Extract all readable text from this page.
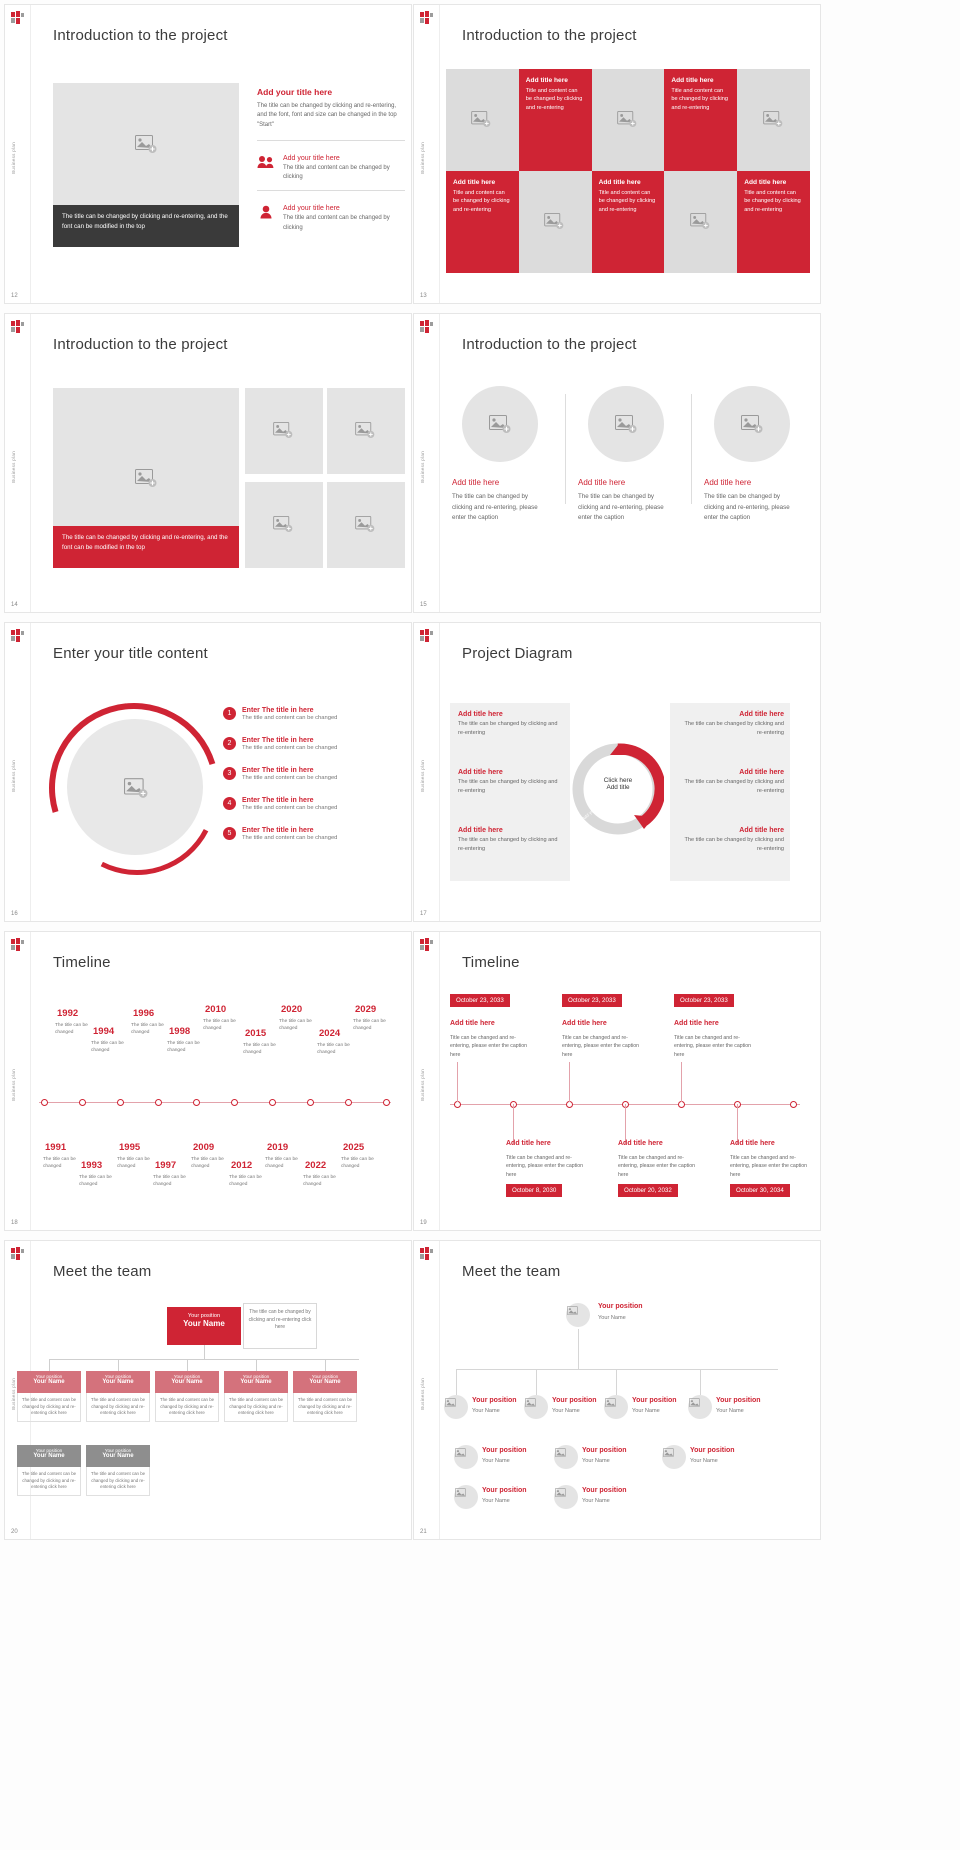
Business plan
Introduction to the project
The title can be changed by clicking and re-entering, and the font can be modified in the top
Add your title here
The title can be changed by clicking and re-entering, and the font, font and size can be changed in the top "Start"
Add your title here
The title and content can be changed by clicking
Add your title here
The title and content can be changed by clicking
12
Business plan
Introduction to the project
Add title here
Title and content can be changed by clicking and re-entering
Add title here
Title and content can be changed by clicking and re-entering
Add title here
Title and content can be changed by clicking and re-entering
Add title here
Title and content can be changed by clicking and re-entering
Add title here
Title and content can be changed by clicking and re-entering
13
Business plan
Introduction to the project
The title can be changed by clicking and re-entering, and the font can be modified in the top
14
Business plan
Introduction to the project
Add title here
The title can be changed by clicking and re-entering, please enter the caption
Add title here
The title can be changed by clicking and re-entering, please enter the caption
Add title here
The title can be changed by clicking and re-entering, please enter the caption
15
Business plan
Enter your title content
1	Enter The title in here
The title and content can be changed
2	Enter The title in here
The title and content can be changed
3	Enter The title in here
The title and content can be changed
4	Enter The title in here
The title and content can be changed
5	Enter The title in here
The title and content can be changed
16
Business plan
Project Diagram
Add title here
The title can be changed by clicking and re-entering
Add title here
The title can be changed by clicking and re-entering
Add title here
The title can be changed by clicking and re-entering
Add title here
The title can be changed by clicking and re-entering
Add title here
The title can be changed by clicking and re-entering
Add title here
The title can be changed by clicking and re-entering
Click here
Add title
Add your title here
17
Business plan
Timeline
1992
The title can be changed	1994
The title can be changed
1996
The title can be changed	1998
The title can be changed
2010
The title can be changed	2015
The title can be changed
2020
The title can be changed	2024
The title can be changed
2029
The title can be changed
1991
The title can be changed	1993
The title can be changed
1995
The title can be changed	1997
The title can be changed
2009
The title can be changed	2012
The title can be changed
2019
The title can be changed	2022
The title can be changed
2025
The title can be changed
18
Business plan
Timeline
October 23, 2033
Add title here
Title can be changed and re-entering, please enter the caption here
October 23, 2033
Add title here
Title can be changed and re-entering, please enter the caption here
October 23, 2033
Add title here
Title can be changed and re-entering, please enter the caption here
Add title here
Title can be changed and re-entering, please enter the caption here
October 8, 2030
Add title here
Title can be changed and re-entering, please enter the caption here
October 20, 2032
Add title here
Title can be changed and re-entering, please enter the caption here
October 30, 2034
19
Business plan
Meet the team
Your position
Your Name
The title can be changed by clicking and re-entering click here
Your position
Your Name
The title and content can be changed by clicking and re-entering click here
Your position
Your Name
The title and content can be changed by clicking and re-entering click here
Your position
Your Name
The title and content can be changed by clicking and re-entering click here
Your position
Your Name
The title and content can be changed by clicking and re-entering click here
Your position
Your Name
The title and content can be changed by clicking and re-entering click here
Your position
Your Name
The title and content can be changed by clicking and re-entering click here
Your position
Your Name
The title and content can be changed by clicking and re-entering click here
20
Business plan
Meet the team
Your position
Your Name
Your position
Your Name
Your position
Your Name
Your position
Your Name
Your position
Your Name
Your position
Your Name
Your position
Your Name
Your position
Your Name
Your position
Your Name
Your position
Your Name
21
